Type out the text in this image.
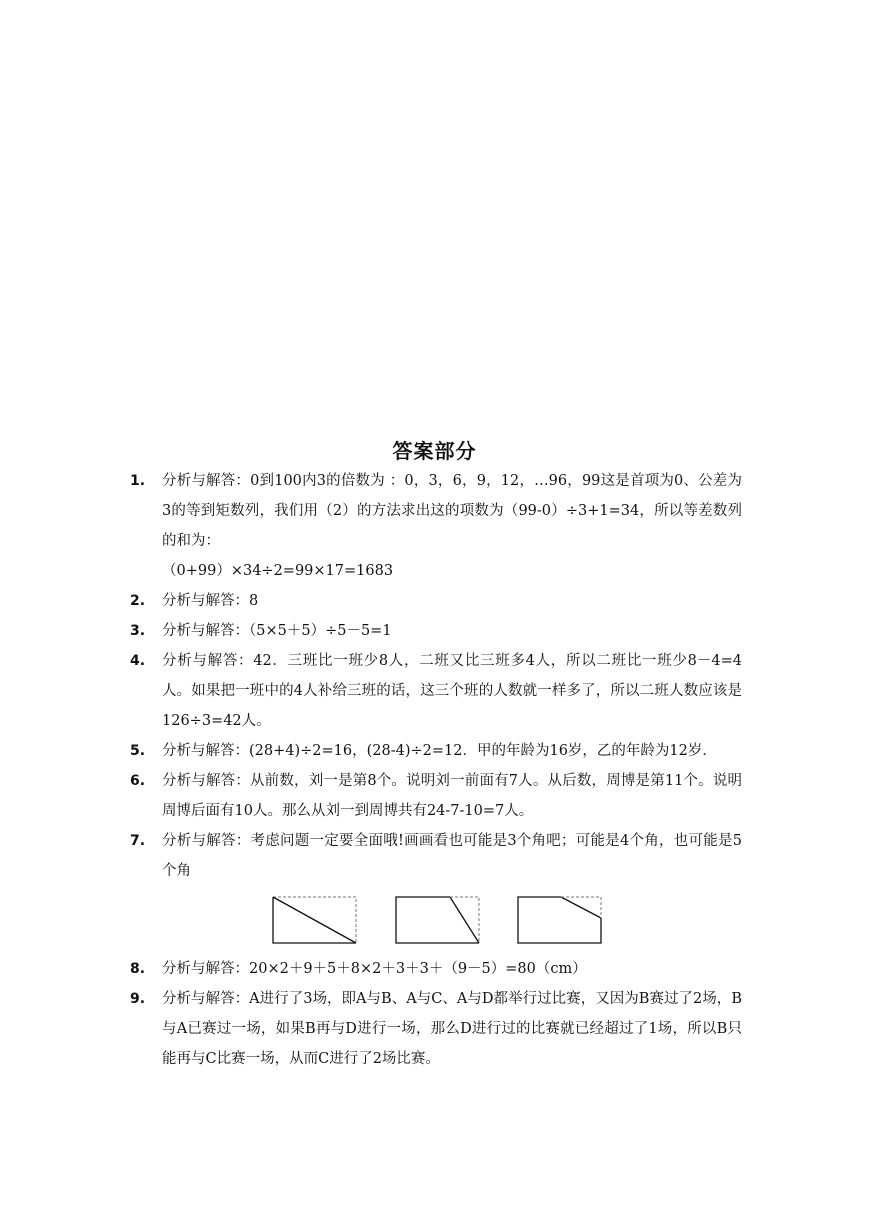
答案部分
1. 分析与解答：0到100内3的倍数为 ：0，3，6，9，12，…96，99这是首项为0、公差为3的等到矩数列，我们用（2）的方法求出这的项数为（99-0）÷3+1=34，所以等差数列的和为：
（0+99）×34÷2=99×17=1683
2. 分析与解答：8
3. 分析与解答：（5×5＋5）÷5－5=1
4. 分析与解答：42．三班比一班少8人，二班又比三班多4人，所以二班比一班少8－4=4人。如果把一班中的4人补给三班的话，这三个班的人数就一样多了，所以二班人数应该是126÷3=42人。
5. 分析与解答：(28+4)÷2=16，(28-4)÷2=12．甲的年龄为16岁，乙的年龄为12岁．
6. 分析与解答：从前数，刘一是第8个。说明刘一前面有7人。从后数，周博是第11个。说明周博后面有10人。那么从刘一到周博共有24-7-10=7人。
7. 分析与解答：考虑问题一定要全面哦!画画看也可能是3个角吧；可能是4个角，也可能是5个角
8. 分析与解答：20×2＋9＋5＋8×2＋3＋3＋（9－5）=80（cm）
9. 分析与解答：A进行了3场，即A与B、A与C、A与D都举行过比赛，又因为B赛过了2场，B与A已赛过一场，如果B再与D进行一场，那么D进行过的比赛就已经超过了1场，所以B只能再与C比赛一场，从而C进行了2场比赛。
